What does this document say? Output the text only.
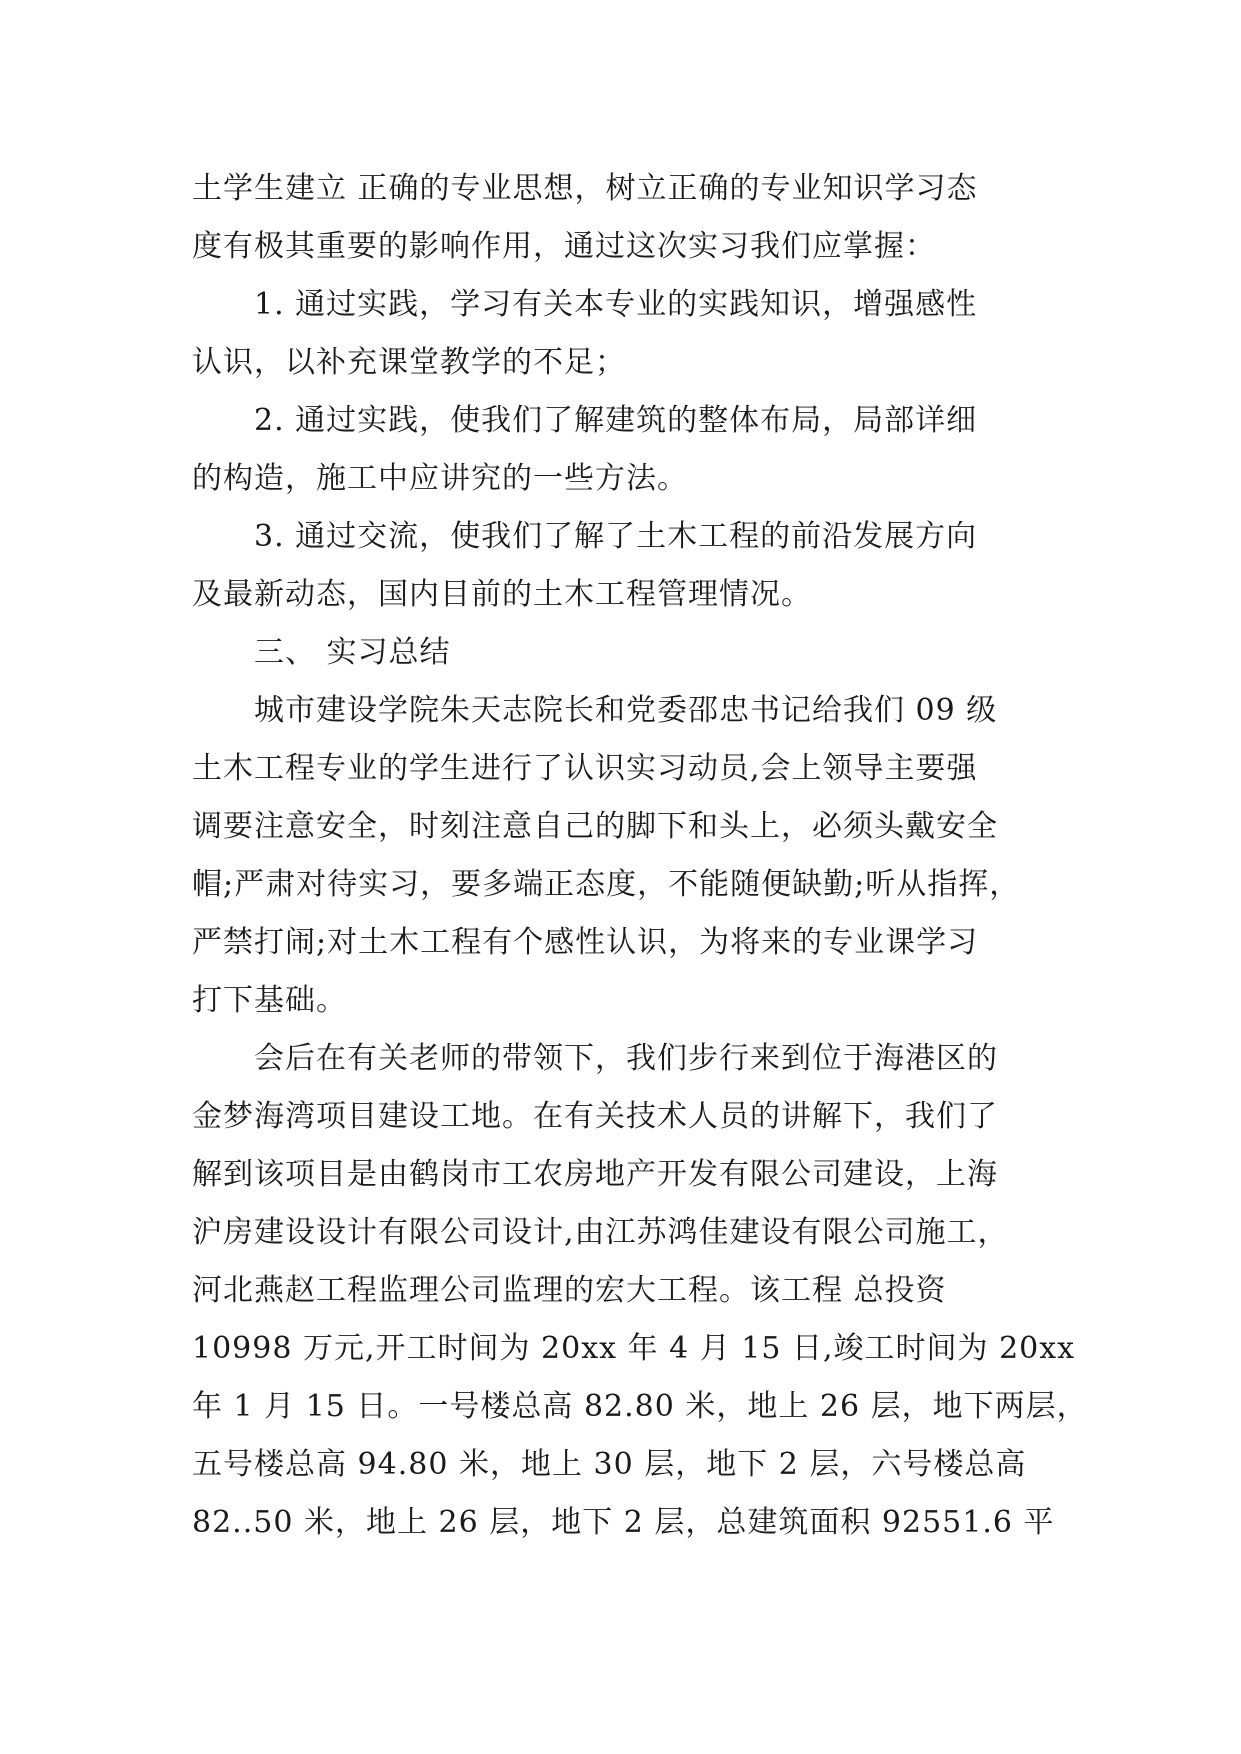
土学生建立 正确的专业思想，树立正确的专业知识学习态
度有极其重要的影响作用，通过这次实习我们应掌握：
1. 通过实践，学习有关本专业的实践知识，增强感性
认识，以补充课堂教学的不足；
2. 通过实践，使我们了解建筑的整体布局，局部详细
的构造，施工中应讲究的一些方法。
3. 通过交流，使我们了解了土木工程的前沿发展方向
及最新动态，国内目前的土木工程管理情况。
三、 实习总结
城市建设学院朱天志院长和党委邵忠书记给我们 09 级
土木工程专业的学生进行了认识实习动员,会上领导主要强
调要注意安全，时刻注意自己的脚下和头上，必须头戴安全
帽;严肃对待实习，要多端正态度，不能随便缺勤;听从指挥，
严禁打闹;对土木工程有个感性认识，为将来的专业课学习
打下基础。
会后在有关老师的带领下，我们步行来到位于海港区的
金梦海湾项目建设工地。在有关技术人员的讲解下，我们了
解到该项目是由鹤岗市工农房地产开发有限公司建设，上海
沪房建设设计有限公司设计,由江苏鸿佳建设有限公司施工，
河北燕赵工程监理公司监理的宏大工程。该工程 总投资
10998 万元,开工时间为 20xx 年 4 月 15 日,竣工时间为 20xx
年 1 月 15 日。一号楼总高 82.80 米，地上 26 层，地下两层，
五号楼总高 94.80 米，地上 30 层，地下 2 层，六号楼总高
82..50 米，地上 26 层，地下 2 层，总建筑面积 92551.6 平
